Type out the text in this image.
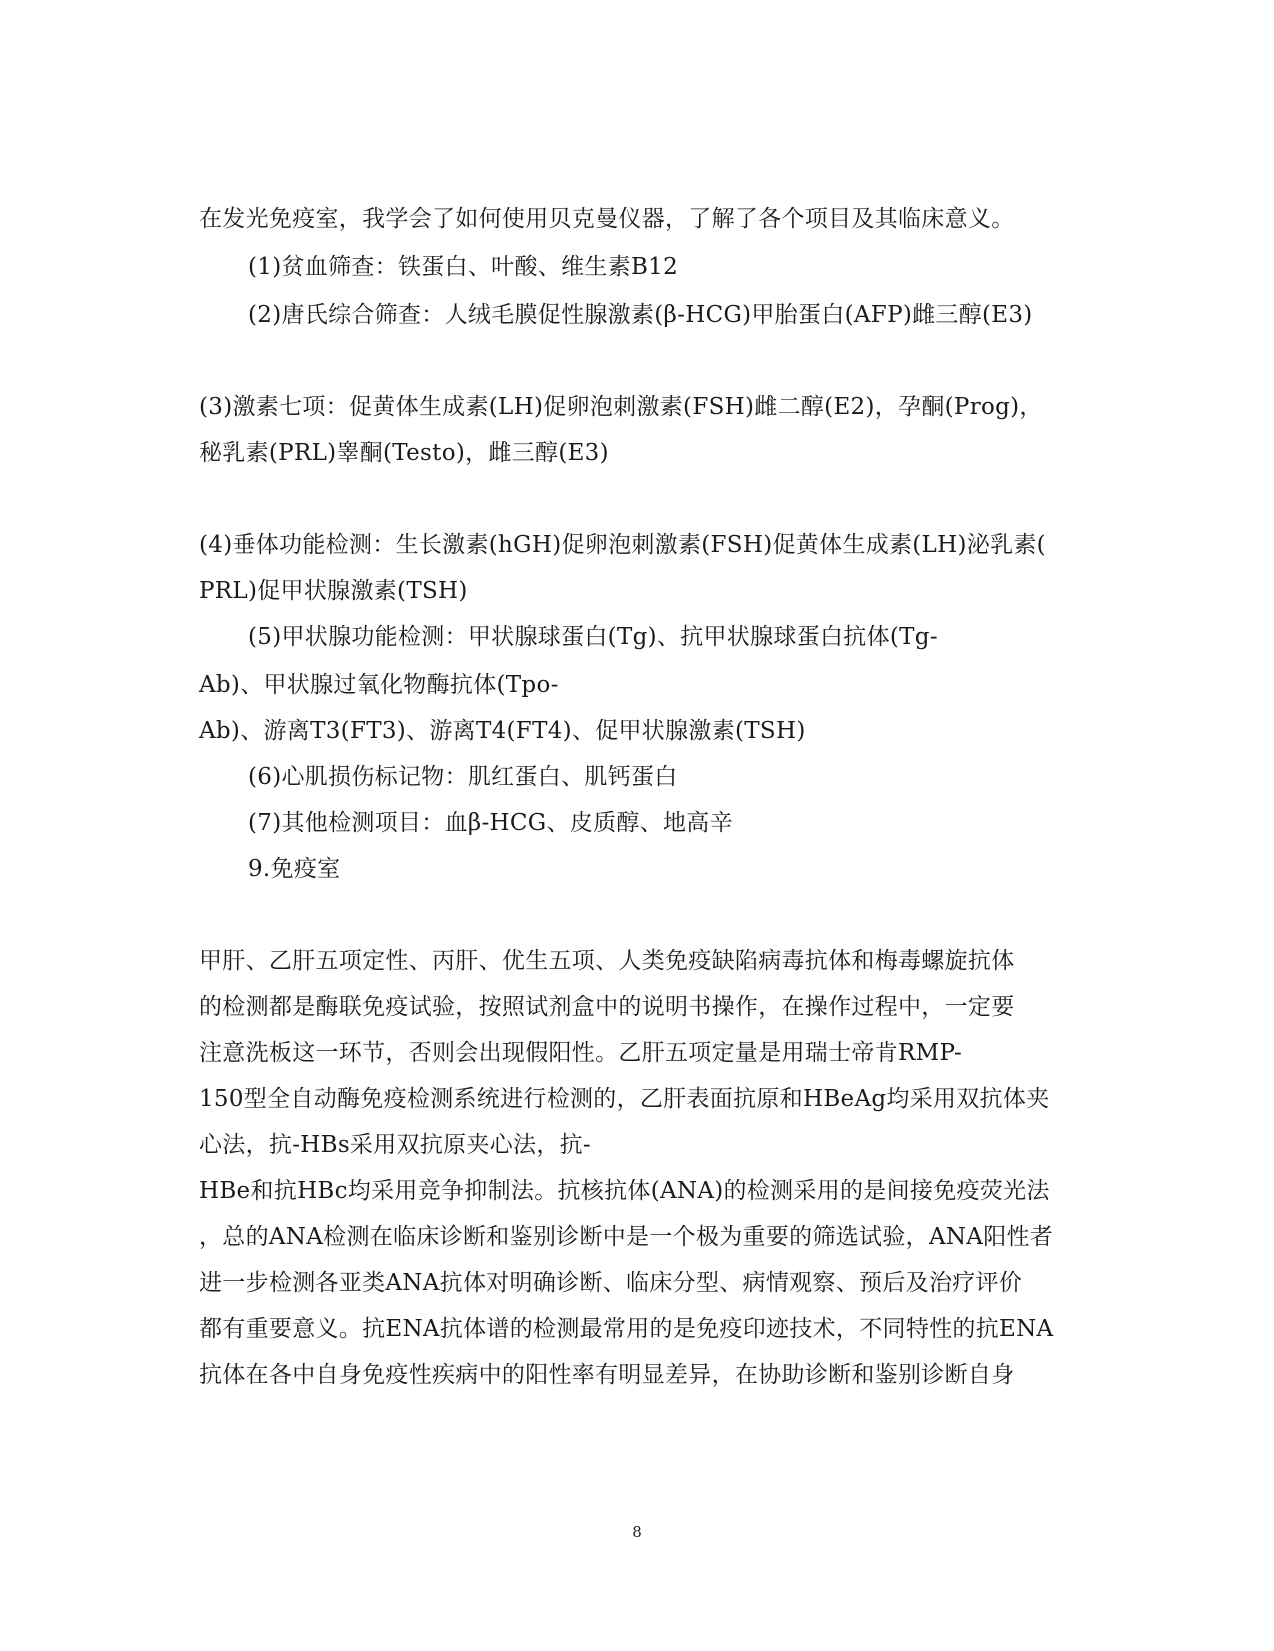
在发光免疫室，我学会了如何使用贝克曼仪器，了解了各个项目及其临床意义。
(1)贫血筛查：铁蛋白、叶酸、维生素B12
(2)唐氏综合筛查：人绒毛膜促性腺激素(β-HCG)甲胎蛋白(AFP)雌三醇(E3)
(3)激素七项：促黄体生成素(LH)促卵泡刺激素(FSH)雌二醇(E2)，孕酮(Prog)，
秘乳素(PRL)睾酮(Testo)，雌三醇(E3)
(4)垂体功能检测：生长激素(hGH)促卵泡刺激素(FSH)促黄体生成素(LH)泌乳素(
PRL)促甲状腺激素(TSH)
(5)甲状腺功能检测：甲状腺球蛋白(Tg)、抗甲状腺球蛋白抗体(Tg-
Ab)、甲状腺过氧化物酶抗体(Tpo-
Ab)、游离T3(FT3)、游离T4(FT4)、促甲状腺激素(TSH)
(6)心肌损伤标记物：肌红蛋白、肌钙蛋白
(7)其他检测项目：血β-HCG、皮质醇、地高辛
9.免疫室
甲肝、乙肝五项定性、丙肝、优生五项、人类免疫缺陷病毒抗体和梅毒螺旋抗体
的检测都是酶联免疫试验，按照试剂盒中的说明书操作，在操作过程中，一定要
注意洗板这一环节，否则会出现假阳性。乙肝五项定量是用瑞士帝肯RMP-
150型全自动酶免疫检测系统进行检测的，乙肝表面抗原和HBeAg均采用双抗体夹
心法，抗-HBs采用双抗原夹心法，抗-
HBe和抗HBc均采用竞争抑制法。抗核抗体(ANA)的检测采用的是间接免疫荧光法
，总的ANA检测在临床诊断和鉴别诊断中是一个极为重要的筛选试验，ANA阳性者
进一步检测各亚类ANA抗体对明确诊断、临床分型、病情观察、预后及治疗评价
都有重要意义。抗ENA抗体谱的检测最常用的是免疫印迹技术，不同特性的抗ENA
抗体在各中自身免疫性疾病中的阳性率有明显差异，在协助诊断和鉴别诊断自身
8
